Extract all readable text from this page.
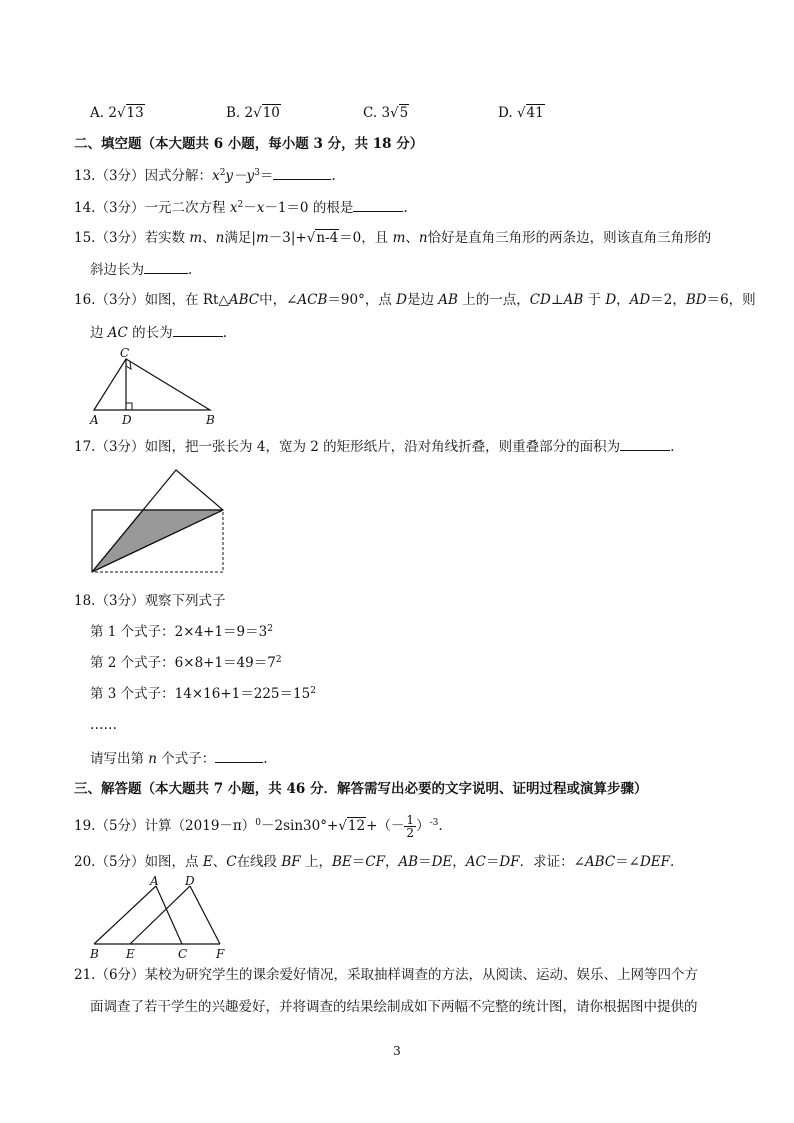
A. 2√13	B. 2√10	C. 3√5	D. √41
二、填空题（本大题共 6 小题，每小题 3 分，共 18 分）
13.（3分）因式分解：$x^2y-y^3=$	.
14.（3分）一元二次方程 $x^2-x-1=0$ 的根是	.
15.（3分）若实数 m、n满足|m－3|+√n-4＝0，且 m、n恰好是直角三角形的两条边，则该直角三角形的
斜边长为	.
16.（3分）如图，在 Rt△ABC中，∠ACB＝90°，点 D是边 AB 上的一点，CD⊥AB 于 D，AD＝2，BD＝6，则
边 AC 的长为	.
C
A D	B
17.（3分）如图，把一张长为 4，宽为 2 的矩形纸片，沿对角线折叠，则重叠部分的面积为	.
18.（3分）观察下列式子
第 1 个式子：$2\times 4+1=9=3^2$
第 2 个式子：$6\times 8+1=49=7^2$
第 3 个式子：$14\times 16+1=225=15^2$
……
请写出第 n 个式子：	.
三、解答题（本大题共 7 小题，共 46 分．解答需写出必要的文字说明、证明过程或演算步骤）
19.（5分）计算$(2019-\pi)^0-2\sin 30^\circ+√12+(- \frac{1}{2} )^{-3}$.
20.（5分）如图，点 E、C在线段 BF 上，BE＝CF，AB＝DE，AC＝DF．求证：∠ABC＝∠DEF.
A D
B E	C F
21.（6分）某校为研究学生的课余爱好情况，采取抽样调查的方法，从阅读、运动、娱乐、上网等四个方
面调查了若干学生的兴趣爱好，并将调查的结果绘制成如下两幅不完整的统计图，请你根据图中提供的
3
